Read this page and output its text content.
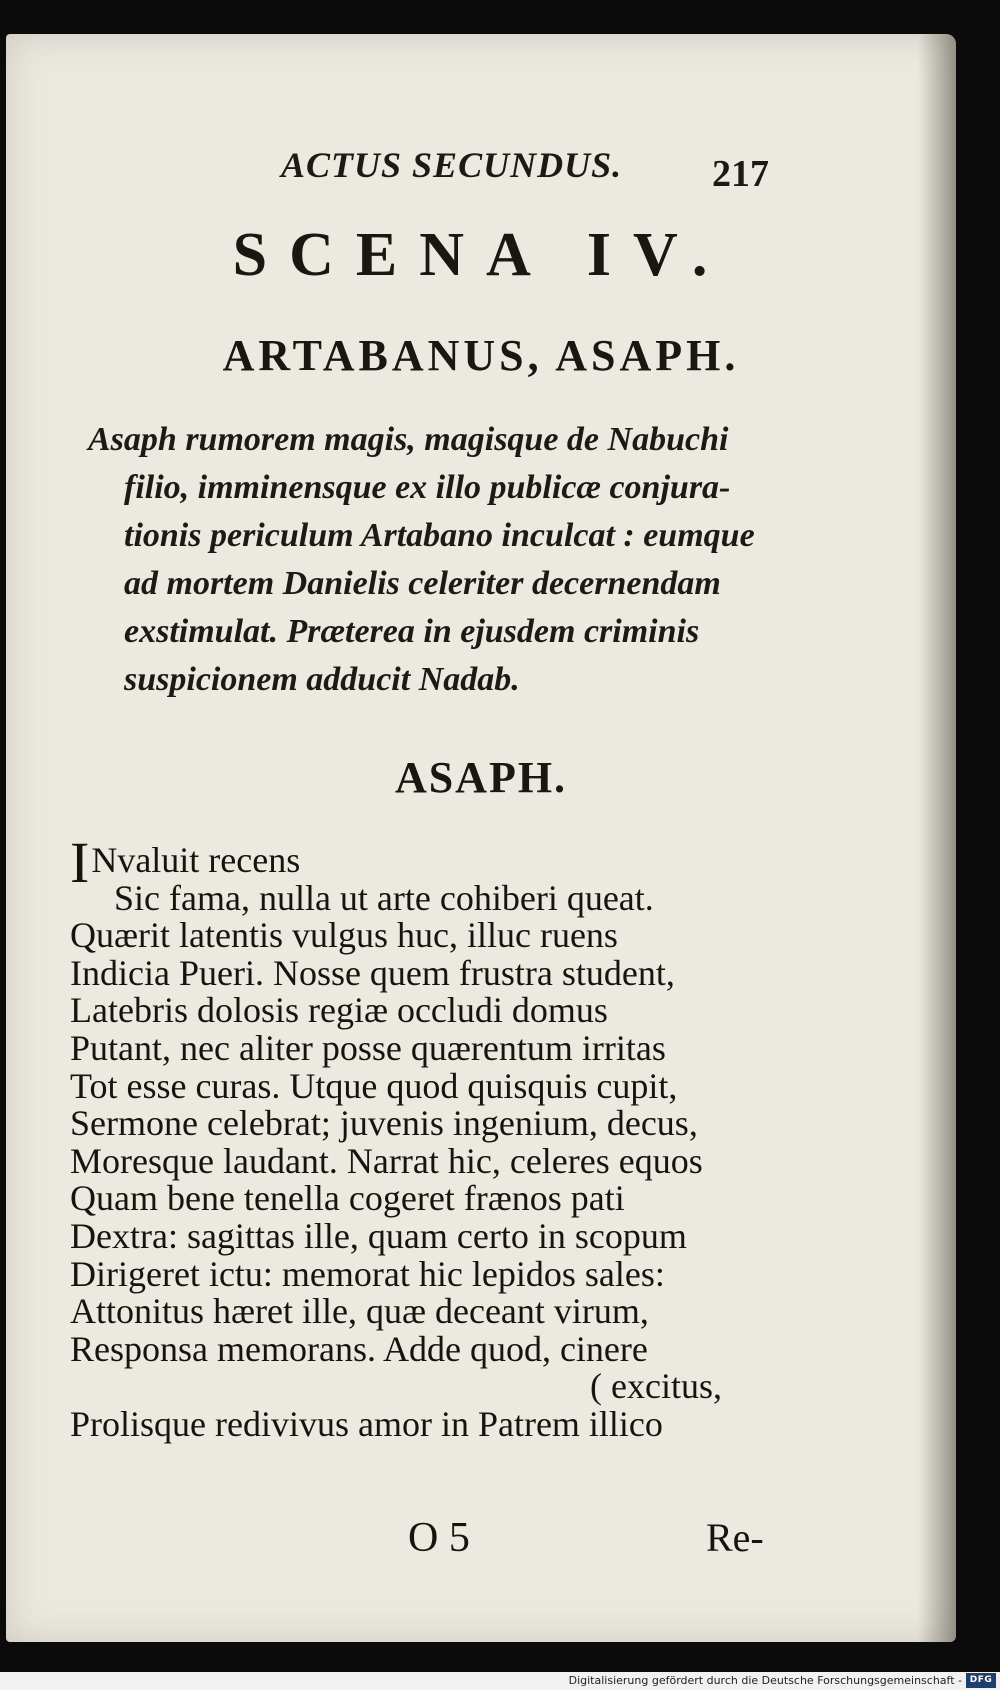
ACTUS SECUNDUS. 217
SCENA IV.
ARTABANUS, ASAPH.
Asaph rumorem magis, magisque de Nabuchi
filio, imminensque ex illo publicæ conjura-
tionis periculum Artabano inculcat : eumque
ad mortem Danielis celeriter decernendam
exstimulat. Præterea in ejusdem criminis
suspicionem adducit Nadab.
ASAPH.
INvaluit recens
Sic fama, nulla ut arte cohiberi queat.
Quærit latentis vulgus huc, illuc ruens
Indicia Pueri. Nosse quem frustra student,
Latebris dolosis regiæ occludi domus
Putant, nec aliter posse quærentum irritas
Tot esse curas. Utque quod quisquis cupit,
Sermone celebrat; juvenis ingenium, decus,
Moresque laudant. Narrat hic, celeres equos
Quam bene tenella cogeret frænos pati
Dextra: sagittas ille, quam certo in scopum
Dirigeret ictu: memorat hic lepidos sales:
Attonitus hæret ille, quæ deceant virum,
Responsa memorans. Adde quod, cinere
( excitus,
Prolisque redivivus amor in Patrem illico
O 5	Re-
Digitalisierung gefördert durch die Deutsche Forschungsgemeinschaft - DFG
